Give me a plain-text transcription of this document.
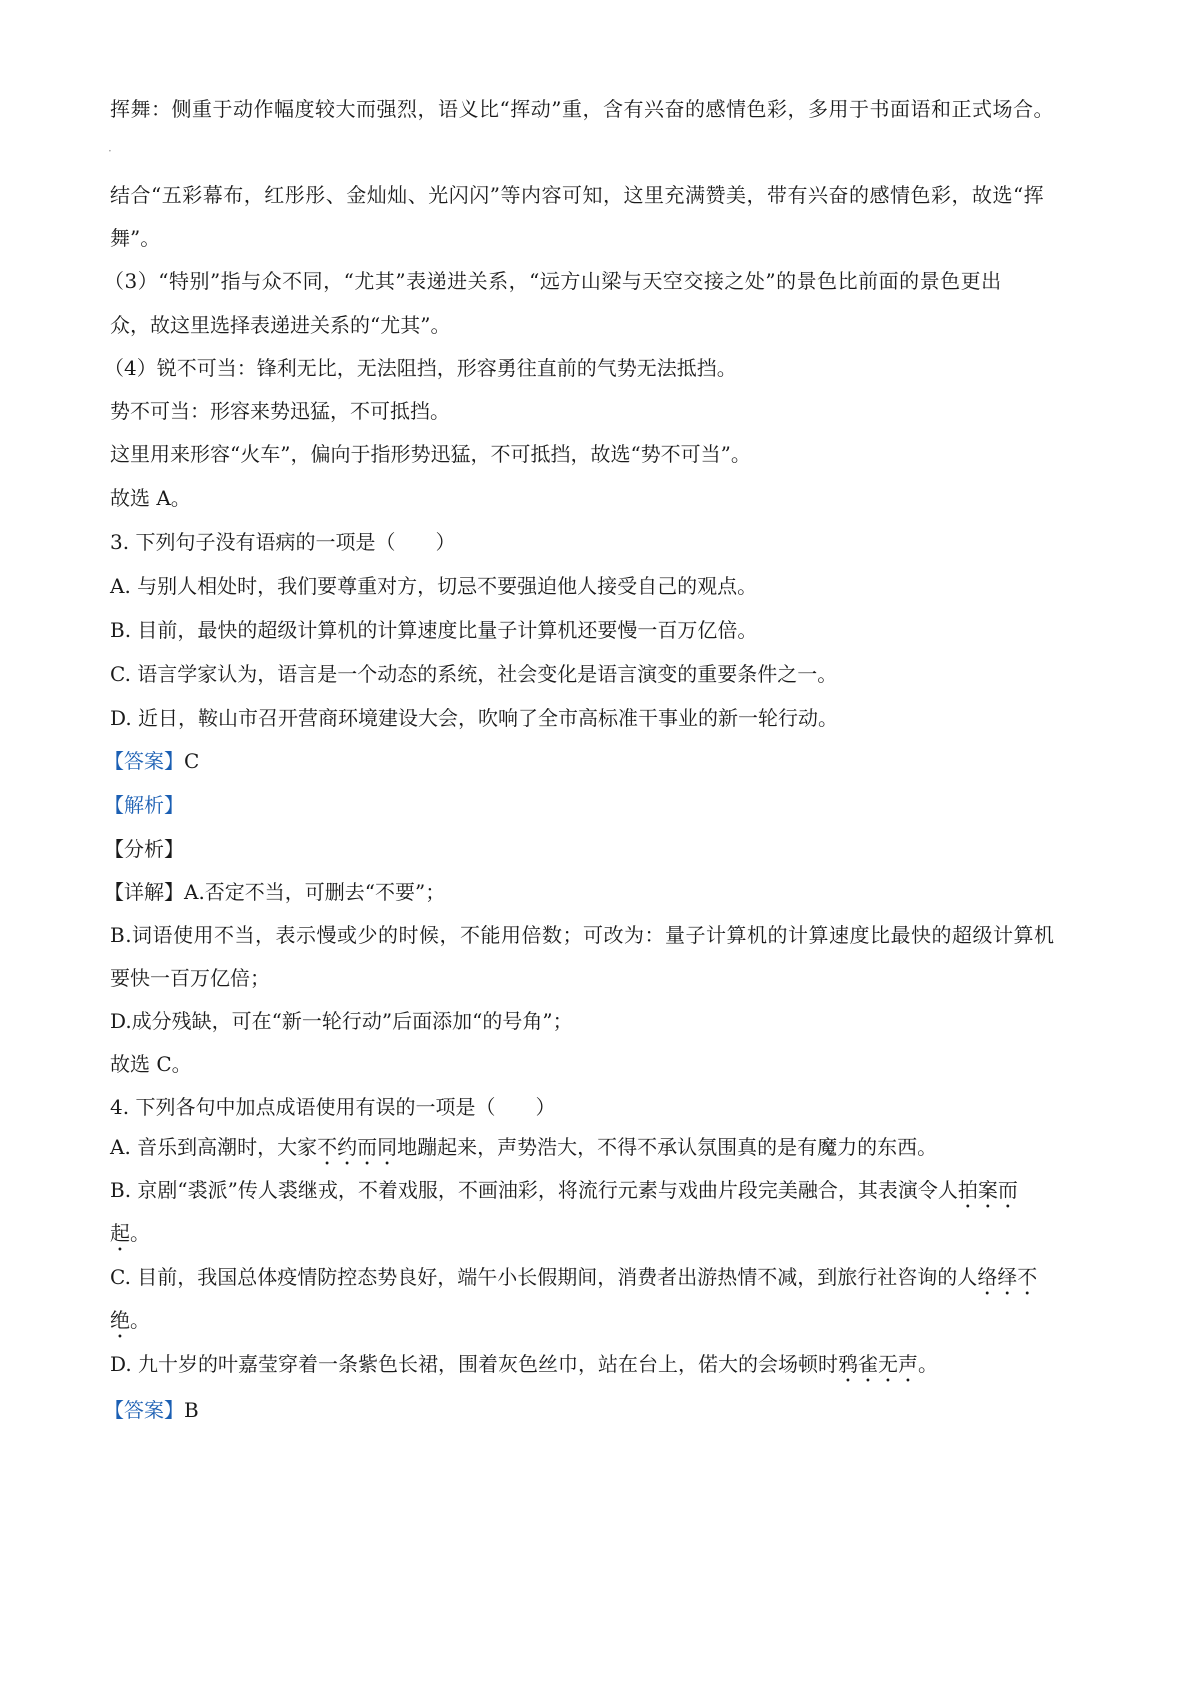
挥舞：侧重于动作幅度较大而强烈，语义比“挥动”重，含有兴奋的感情色彩，多用于书面语和正式场合。

·

结合“五彩幕布，红彤彤、金灿灿、光闪闪”等内容可知，这里充满赞美，带有兴奋的感情色彩，故选“挥

舞”。

（3）“特别”指与众不同，“尤其”表递进关系，“远方山梁与天空交接之处”的景色比前面的景色更出

众，故这里选择表递进关系的“尤其”。

（4）锐不可当：锋利无比，无法阻挡，形容勇往直前的气势无法抵挡。

势不可当：形容来势迅猛，不可抵挡。

这里用来形容“火车”，偏向于指形势迅猛，不可抵挡，故选“势不可当”。

故选 A。

3. 下列句子没有语病的一项是（　　）

A. 与别人相处时，我们要尊重对方，切忌不要强迫他人接受自己的观点。

B. 目前，最快的超级计算机的计算速度比量子计算机还要慢一百万亿倍。

C. 语言学家认为，语言是一个动态的系统，社会变化是语言演变的重要条件之一。

D. 近日，鞍山市召开营商环境建设大会，吹响了全市高标准干事业的新一轮行动。

【答案】C

【解析】

【分析】

【详解】A.否定不当，可删去“不要”；

B.词语使用不当，表示慢或少的时候，不能用倍数；可改为：量子计算机的计算速度比最快的超级计算机

要快一百万亿倍；

D.成分残缺，可在“新一轮行动”后面添加“的号角”；

故选 C。

4. 下列各句中加点成语使用有误的一项是（　　）

A. 音乐到高潮时，大家不约而同地蹦起来，声势浩大，不得不承认氛围真的是有魔力的东西。

B. 京剧“裘派”传人裘继戎，不着戏服，不画油彩，将流行元素与戏曲片段完美融合，其表演令人拍案而

起。

C. 目前，我国总体疫情防控态势良好，端午小长假期间，消费者出游热情不减，到旅行社咨询的人络绎不

绝。

D. 九十岁的叶嘉莹穿着一条紫色长裙，围着灰色丝巾，站在台上，偌大的会场顿时鸦雀无声。

【答案】B
